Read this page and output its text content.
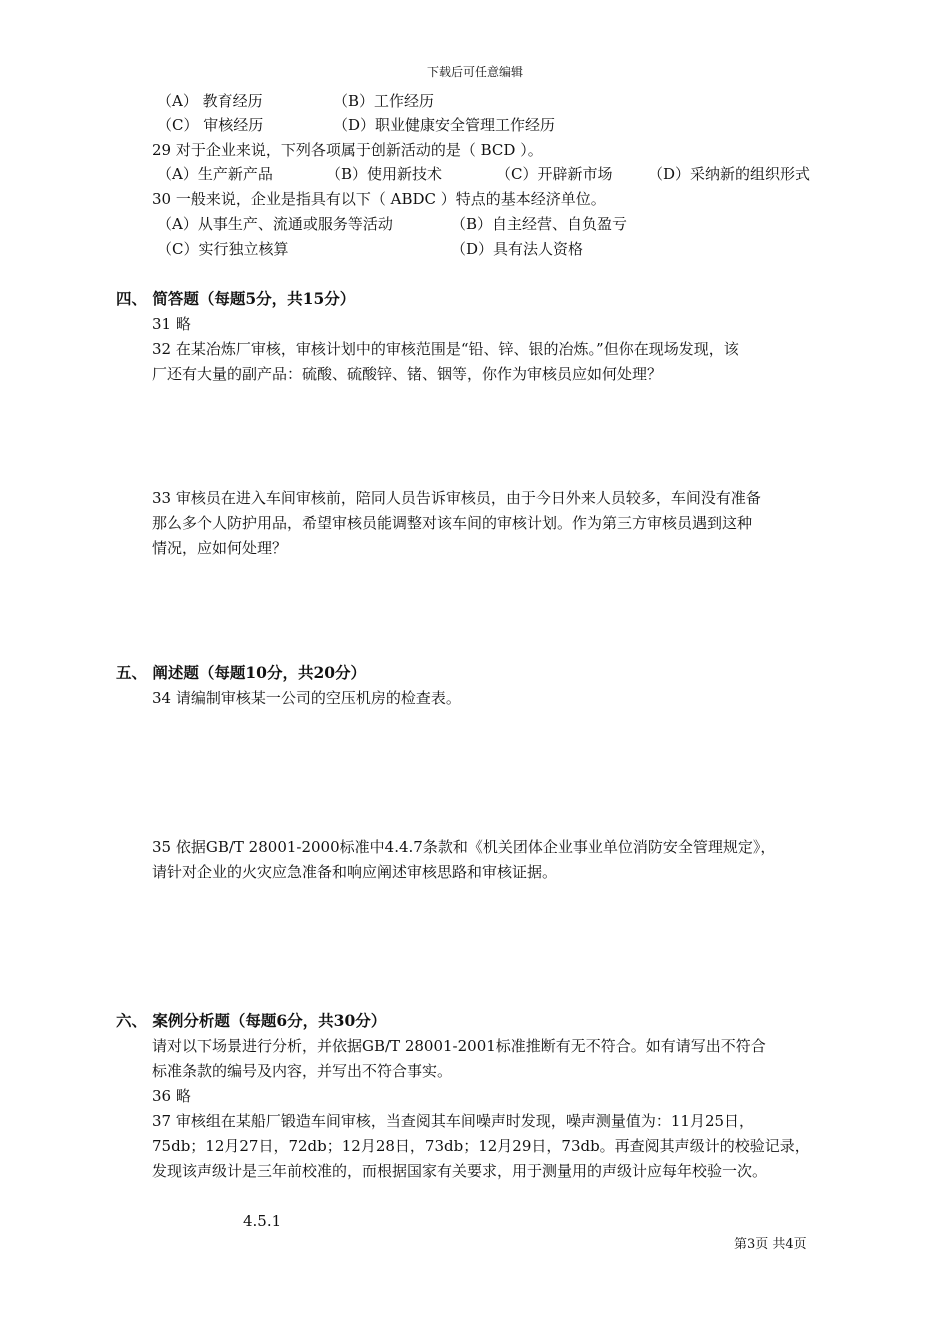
下载后可任意编辑
（A） 教育经历	（B）工作经历
（C） 审核经历	（D）职业健康安全管理工作经历
29 对于企业来说，下列各项属于创新活动的是（ BCD ）。
（A）生产新产品	（B）使用新技术	（C）开辟新市场 （D）采纳新的组织形式
30 一般来说，企业是指具有以下（ ABDC ）特点的基本经济单位。
（A）从事生产、流通或服务等活动	（B）自主经营、自负盈亏
（C）实行独立核算	（D）具有法人资格
四、 简答题（每题5分，共15分）
31 略
32 在某冶炼厂审核，审核计划中的审核范围是“铅、锌、银的冶炼。”但你在现场发现，该
厂还有大量的副产品：硫酸、硫酸锌、锗、铟等，你作为审核员应如何处理？
33 审核员在进入车间审核前，陪同人员告诉审核员，由于今日外来人员较多，车间没有准备
那么多个人防护用品，希望审核员能调整对该车间的审核计划。作为第三方审核员遇到这种
情况，应如何处理？
五、 阐述题（每题10分，共20分）
34 请编制审核某一公司的空压机房的检查表。
35 依据GB/T 28001-2000标准中4.4.7条款和《机关团体企业事业单位消防安全管理规定》，
请针对企业的火灾应急准备和响应阐述审核思路和审核证据。
六、 案例分析题（每题6分，共30分）
请对以下场景进行分析，并依据GB/T 28001-2001标准推断有无不符合。如有请写出不符合
标准条款的编号及内容，并写出不符合事实。
36 略
37 审核组在某船厂锻造车间审核，当查阅其车间噪声时发现，噪声测量值为：11月25日，
75db；12月27日，72db；12月28日，73db；12月29日，73db。再查阅其声级计的校验记录，
发现该声级计是三年前校准的，而根据国家有关要求，用于测量用的声级计应每年校验一次。
4.5.1
第3页 共4页
